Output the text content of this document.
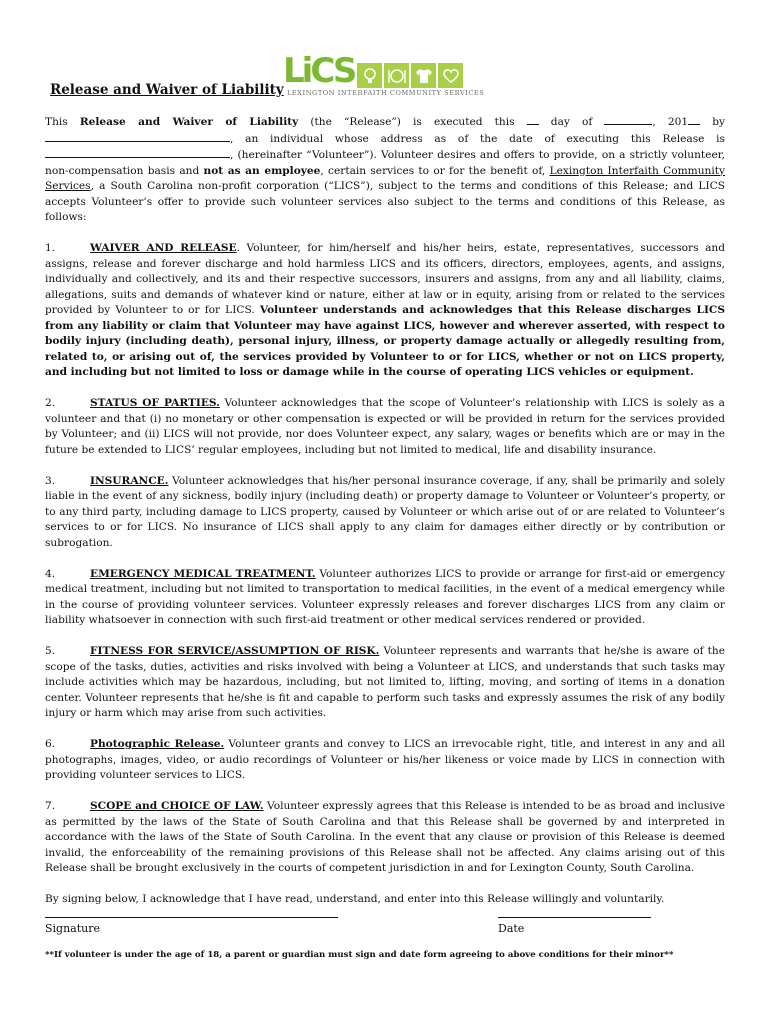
Release and Waiver of Liability LiCS
LEXINGTON INTERFAITH COMMUNITY SERVICES

This Release and Waiver of Liability (the “Release”) is executed this  day of	, 201 by , an individual whose address as of the date of executing this Release is , (hereinafter “Volunteer”). Volunteer desires and offers to provide, on a strictly volunteer, non-compensation basis and not as an employee, certain services to or for the benefit of, Lexington Interfaith Community Services, a South Carolina non-profit corporation (“LICS”), subject to the terms and conditions of this Release; and LICS accepts Volunteer’s offer to provide such volunteer services also subject to the terms and conditions of this Release, as follows:

1.	WAIVER AND RELEASE. Volunteer, for him/herself and his/her heirs, estate, representatives, successors and assigns, release and forever discharge and hold harmless LICS and its officers, directors, employees, agents, and assigns, individually and collectively, and its and their respective successors, insurers and assigns, from any and all liability, claims, allegations, suits and demands of whatever kind or nature, either at law or in equity, arising from or related to the services provided by Volunteer to or for LICS. Volunteer understands and acknowledges that this Release discharges LICS from any liability or claim that Volunteer may have against LICS, however and wherever asserted, with respect to bodily injury (including death), personal injury, illness, or property damage actually or allegedly resulting from, related to, or arising out of, the services provided by Volunteer to or for LICS, whether or not on LICS property, and including but not limited to loss or damage while in the course of operating LICS vehicles or equipment.

2.	STATUS OF PARTIES. Volunteer acknowledges that the scope of Volunteer’s relationship with LICS is solely as a volunteer and that (i) no monetary or other compensation is expected or will be provided in return for the services provided by Volunteer; and (ii) LICS will not provide, nor does Volunteer expect, any salary, wages or benefits which are or may in the future be extended to LICS’ regular employees, including but not limited to medical, life and disability insurance.

3.	INSURANCE. Volunteer acknowledges that his/her personal insurance coverage, if any, shall be primarily and solely liable in the event of any sickness, bodily injury (including death) or property damage to Volunteer or Volunteer’s property, or to any third party, including damage to LICS property, caused by Volunteer or which arise out of or are related to Volunteer’s services to or for LICS. No insurance of LICS shall apply to any claim for damages either directly or by contribution or subrogation.

4.	EMERGENCY MEDICAL TREATMENT. Volunteer authorizes LICS to provide or arrange for first-aid or emergency medical treatment, including but not limited to transportation to medical facilities, in the event of a medical emergency while in the course of providing volunteer services. Volunteer expressly releases and forever discharges LICS from any claim or liability whatsoever in connection with such first-aid treatment or other medical services rendered or provided.

5.	FITNESS FOR SERVICE/ASSUMPTION OF RISK. Volunteer represents and warrants that he/she is aware of the scope of the tasks, duties, activities and risks involved with being a Volunteer at LICS, and understands that such tasks may include activities which may be hazardous, including, but not limited to, lifting, moving, and sorting of items in a donation center. Volunteer represents that he/she is fit and capable to perform such tasks and expressly assumes the risk of any bodily injury or harm which may arise from such activities.

6.	Photographic Release. Volunteer grants and convey to LICS an irrevocable right, title, and interest in any and all photographs, images, video, or audio recordings of Volunteer or his/her likeness or voice made by LICS in connection with providing volunteer services to LICS.

7.	SCOPE and CHOICE OF LAW. Volunteer expressly agrees that this Release is intended to be as broad and inclusive as permitted by the laws of the State of South Carolina and that this Release shall be governed by and interpreted in accordance with the laws of the State of South Carolina. In the event that any clause or provision of this Release is deemed invalid, the enforceability of the remaining provisions of this Release shall not be affected. Any claims arising out of this Release shall be brought exclusively in the courts of competent jurisdiction in and for Lexington County, South Carolina.

By signing below, I acknowledge that I have read, understand, and enter into this Release willingly and voluntarily.

Signature	Date
**If volunteer is under the age of 18, a parent or guardian must sign and date form agreeing to above conditions for their minor**
